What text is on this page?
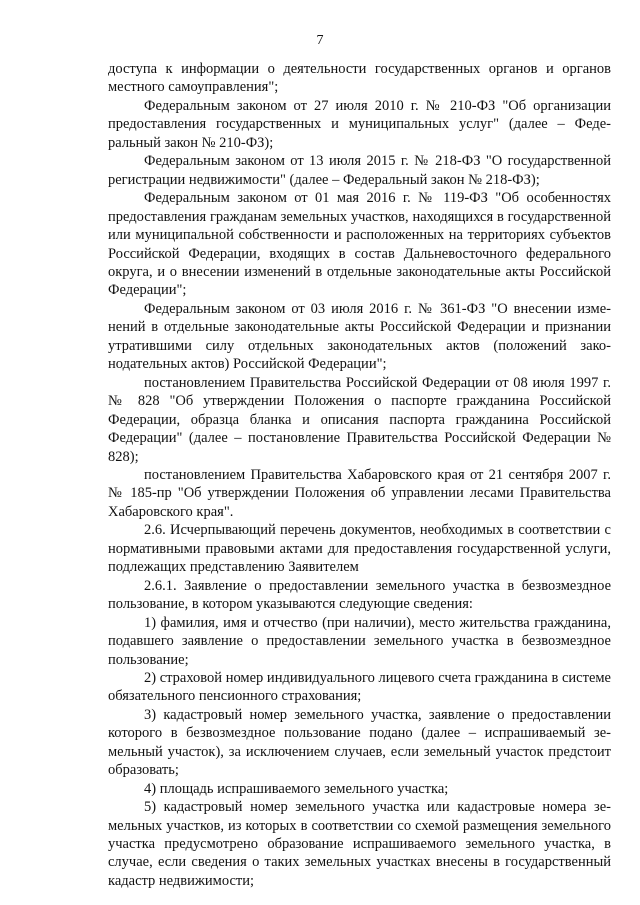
7

доступа к информации о деятельности государственных органов и органов местного самоуправления";

Федеральным законом от 27 июля 2010 г. № 210-ФЗ "Об организации предоставления государственных и муниципальных услуг" (далее – Федеральный закон № 210-ФЗ);

Федеральным законом от 13 июля 2015 г. № 218-ФЗ "О государственной регистрации недвижимости" (далее – Федеральный закон № 218-ФЗ);

Федеральным законом от 01 мая 2016 г. № 119-ФЗ "Об особенностях предоставления гражданам земельных участков, находящихся в государственной или муниципальной собственности и расположенных на территориях субъектов Российской Федерации, входящих в состав Дальневосточного федерального округа, и о внесении изменений в отдельные законодательные акты Российской Федерации";

Федеральным законом от 03 июля 2016 г. № 361-ФЗ "О внесении изменений в отдельные законодательные акты Российской Федерации и признании утратившими силу отдельных законодательных актов (положений законодательных актов) Российской Федерации";

постановлением Правительства Российской Федерации от 08 июля 1997 г. № 828 "Об утверждении Положения о паспорте гражданина Российской Федерации, образца бланка и описания паспорта гражданина Российской Федерации" (далее – постановление Правительства Российской Федерации № 828);

постановлением Правительства Хабаровского края от 21 сентября 2007 г. № 185-пр "Об утверждении Положения об управлении лесами Правительства Хабаровского края".

2.6. Исчерпывающий перечень документов, необходимых в соответствии с нормативными правовыми актами для предоставления государственной услуги, подлежащих представлению Заявителем

2.6.1. Заявление о предоставлении земельного участка в безвозмездное пользование, в котором указываются следующие сведения:

1) фамилия, имя и отчество (при наличии), место жительства гражданина, подавшего заявление о предоставлении земельного участка в безвозмездное пользование;

2) страховой номер индивидуального лицевого счета гражданина в системе обязательного пенсионного страхования;

3) кадастровый номер земельного участка, заявление о предоставлении которого в безвозмездное пользование подано (далее – испрашиваемый земельный участок), за исключением случаев, если земельный участок предстоит образовать;

4) площадь испрашиваемого земельного участка;

5) кадастровый номер земельного участка или кадастровые номера земельных участков, из которых в соответствии со схемой размещения земельного участка предусмотрено образование испрашиваемого земельного участка, в случае, если сведения о таких земельных участках внесены в государственный кадастр недвижимости;
